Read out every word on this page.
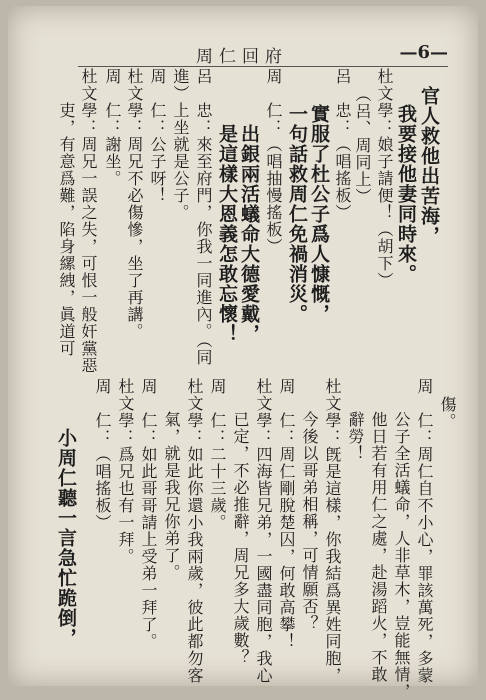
周仁回府	—6—
官人救他出苦海，
我要接他妻同時來。
杜文學：娘子請便！（胡下）
（呂、周同上）
呂　忠：（唱搖板）
實服了杜公子爲人慷慨，
一句話救周仁免禍消災。
周　仁：（唱抽慢搖板）
出銀兩活蟻命大德愛戴，
是這樣大恩義怎敢忘懷！
呂　忠：來至府門，你我一同進內。（同
進）上坐就是公子。
周　仁：公子呀！
杜文學：周兄不必傷慘，坐了再講。
周　仁：謝坐。
杜文學：周兄一誤之失，可恨一般奸黨惡
吏，有意爲難，陷身縲絏，眞道可
傷。
周　仁：周仁自不小心，罪該萬死，多蒙
公子全活蟻命，人非草木，豈能無情，
他日若有用仁之處，赴湯蹈火，不敢
辭勞！
杜文學：旣是這樣，你我結爲異姓同胞，
今後以哥弟相稱，可情願否？
周　仁：周仁剛脫楚囚，何敢高攀！
杜文學：四海皆兄弟，一國盡同胞，我心
已定，不必推辭，周兄多大歲數？
周　仁：二十三歲。
杜文學：如此你還小我兩歲，彼此都勿客
氣，就是我兄你弟了。
周　仁：如此哥哥請上受弟一拜了。
杜文學：爲兄也有一拜。
周　仁：（唱搖板）
小周仁聽一言急忙跪倒，
